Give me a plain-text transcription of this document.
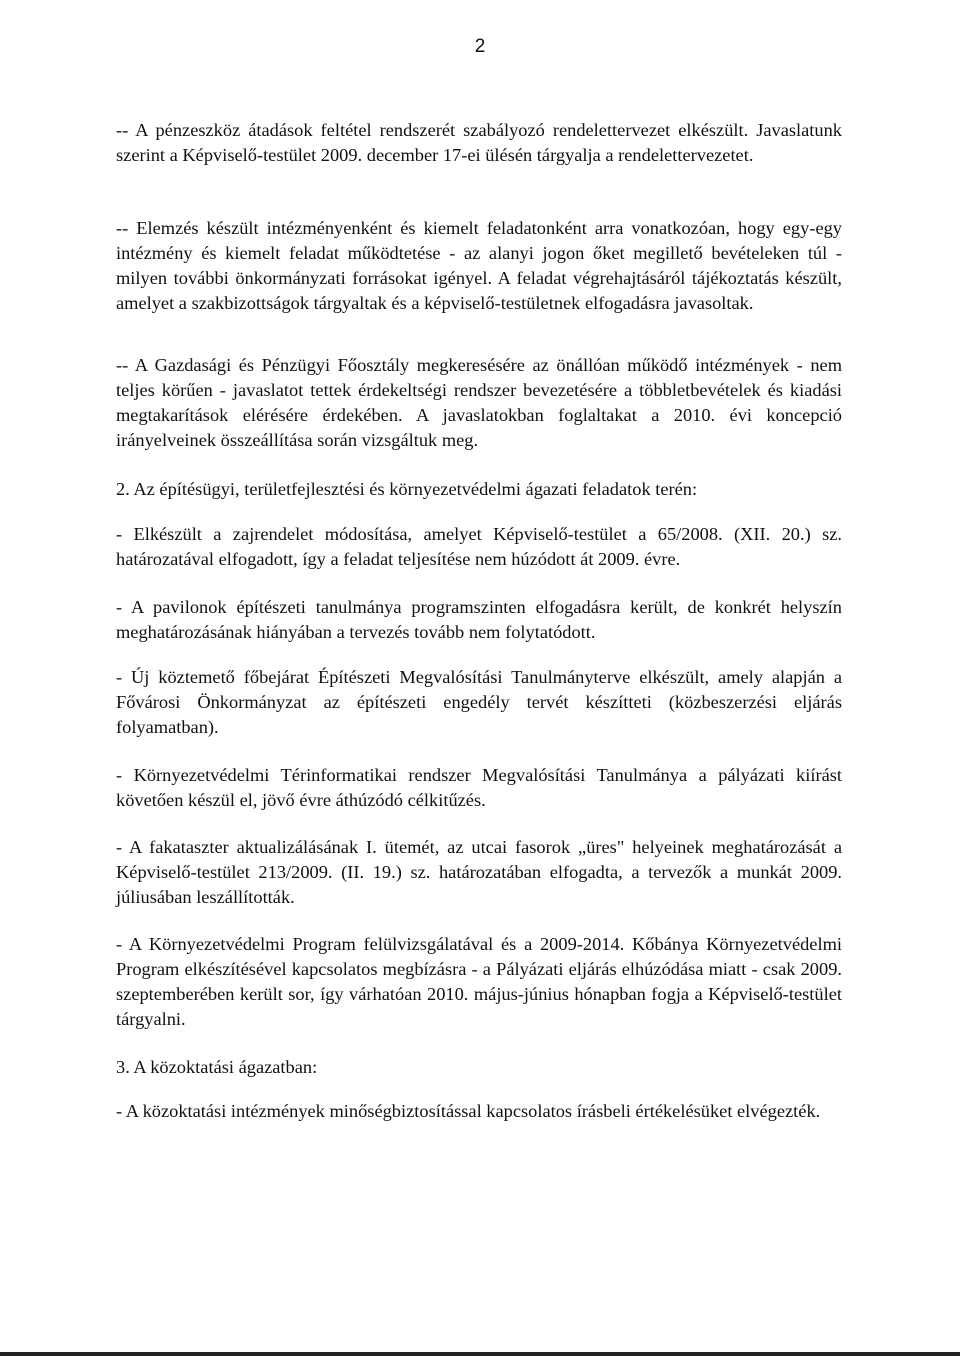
2

-- A pénzeszköz átadások feltétel rendszerét szabályozó rendelettervezet elkészült. Javaslatunk szerint a Képviselő-testület 2009. december 17-ei ülésén tárgyalja a rendelettervezetet.

-- Elemzés készült intézményenként és kiemelt feladatonként arra vonatkozóan, hogy egy-egy intézmény és kiemelt feladat működtetése - az alanyi jogon őket megillető bevételeken túl - milyen további önkormányzati forrásokat igényel. A feladat végrehajtásáról tájékoztatás készült, amelyet a szakbizottságok tárgyaltak és a képviselő-testületnek elfogadásra javasoltak.

-- A Gazdasági és Pénzügyi Főosztály megkeresésére az önállóan működő intézmények - nem teljes körűen - javaslatot tettek érdekeltségi rendszer bevezetésére a többletbevételek és kiadási megtakarítások elérésére érdekében. A javaslatokban foglaltakat a 2010. évi koncepció irányelveinek összeállítása során vizsgáltuk meg.

2. Az építésügyi, területfejlesztési és környezetvédelmi ágazati feladatok terén:

- Elkészült a zajrendelet módosítása, amelyet Képviselő-testület a 65/2008. (XII. 20.) sz. határozatával elfogadott, így a feladat teljesítése nem húzódott át 2009. évre.

- A pavilonok építészeti tanulmánya programszinten elfogadásra került, de konkrét helyszín meghatározásának hiányában a tervezés tovább nem folytatódott.

- Új köztemető főbejárat Építészeti Megvalósítási Tanulmányterve elkészült, amely alapján a Fővárosi Önkormányzat az építészeti engedély tervét készítteti (közbeszerzési eljárás folyamatban).

- Környezetvédelmi Térinformatikai rendszer Megvalósítási Tanulmánya a pályázati kiírást követően készül el, jövő évre áthúzódó célkitűzés.

- A fakataszter aktualizálásának I. ütemét, az utcai fasorok „üres" helyeinek meghatározását a Képviselő-testület 213/2009. (II. 19.) sz. határozatában elfogadta, a tervezők a munkát 2009. júliusában leszállították.

- A Környezetvédelmi Program felülvizsgálatával és a 2009-2014. Kőbánya Környezetvédelmi Program elkészítésével kapcsolatos megbízásra - a Pályázati eljárás elhúzódása miatt - csak 2009. szeptemberében került sor, így várhatóan 2010. május-június hónapban fogja a Képviselő-testület tárgyalni.

3. A közoktatási ágazatban:

- A közoktatási intézmények minőségbiztosítással kapcsolatos írásbeli értékelésüket elvégezték.
